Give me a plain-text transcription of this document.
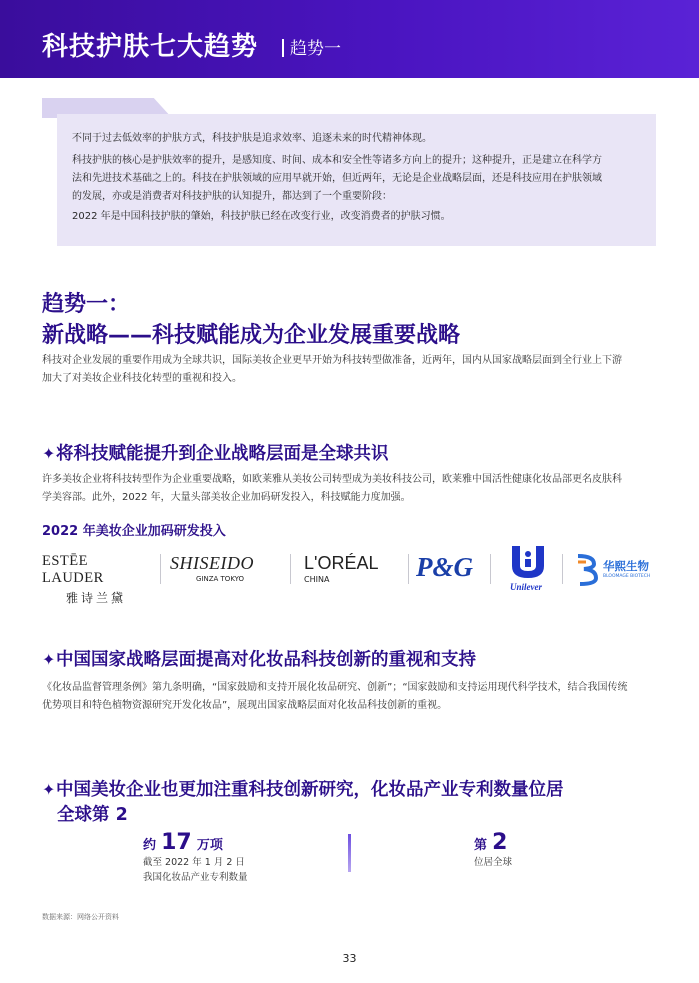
科技护肤七大趋势	趋势一

不同于过去低效率的护肤方式，科技护肤是追求效率、追逐未来的时代精神体现。

科技护肤的核心是护肤效率的提升，是感知度、时间、成本和安全性等诸多方向上的提升；这种提升，正是建立在科学方

法和先进技术基础之上的。科技在护肤领域的应用早就开始，但近两年，无论是企业战略层面，还是科技应用在护肤领域

的发展，亦或是消费者对科技护肤的认知提升，都达到了一个重要阶段：

2022 年是中国科技护肤的肇始，科技护肤已经在改变行业，改变消费者的护肤习惯。

趋势一：
新战略——科技赋能成为企业发展重要战略
科技对企业发展的重要作用成为全球共识，国际美妆企业更早开始为科技转型做准备，近两年，国内从国家战略层面到全行业上下游
加大了对美妆企业科技化转型的重视和投入。
✦将科技赋能提升到企业战略层面是全球共识
许多美妆企业将科技转型作为企业重要战略，如欧莱雅从美妆公司转型成为美妆科技公司，欧莱雅中国活性健康化妆品部更名皮肤科
学美容部。此外，2022 年，大量头部美妆企业加码研发投入，科技赋能力度加强。
2022 年美妆企业加码研发投入
ESTĒE LAUDER
雅诗兰黛
SHISEIDO
GINZA TOKYO
L'ORÉAL
CHINA	P&G
Unilever
华熙生物
BLOOMAGE BIOTECH
✦中国国家战略层面提高对化妆品科技创新的重视和支持
《化妆品监督管理条例》第九条明确，“国家鼓励和支持开展化妆品研究、创新”；“国家鼓励和支持运用现代科学技术，结合我国传统
优势项目和特色植物资源研究开发化妆品”，展现出国家战略层面对化妆品科技创新的重视。
✦中国美妆企业也更加注重科技创新研究，化妆品产业专利数量位居
全球第 2
约 17 万项
截至 2022 年 1 月 2 日
我国化妆品产业专利数量
第 2
位居全球
数据来源：网络公开资料
33
